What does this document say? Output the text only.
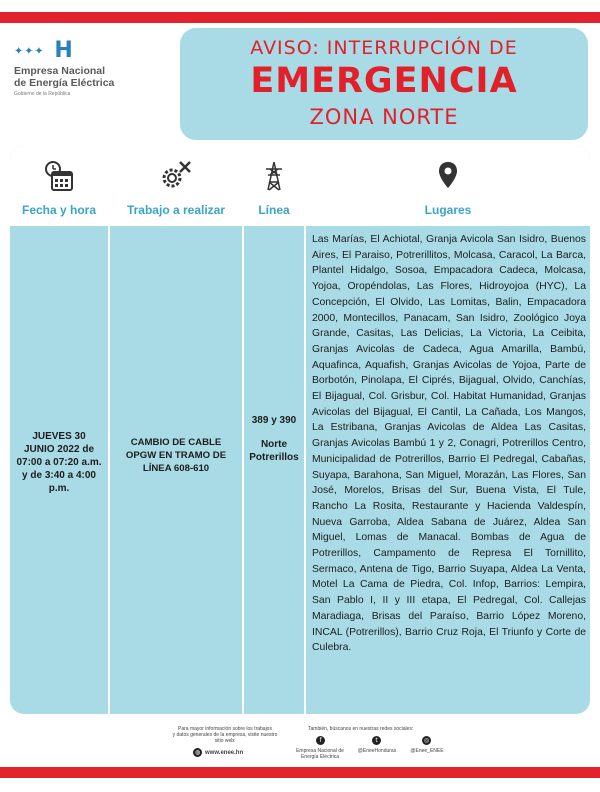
✦✦✦ H
Empresa Nacional
de Energía Eléctrica
Gobierno de la República
AVISO: INTERRUPCIÓN DE
EMERGENCIA
ZONA NORTE
Fecha y hora
JUEVES 30 JUNIO 2022 de 07:00 a 07:20 a.m. y de 3:40 a 4:00 p.m.
Trabajo a realizar
CAMBIO DE CABLE OPGW EN TRAMO DE LÍNEA 608-610
Línea
389 y 390
Norte Potrerillos
Lugares
Las Marías, El Achiotal, Granja Avicola San Isidro, Buenos Aires, El Paraiso, Potrerillitos, Molcasa, Caracol, La Barca, Plantel Hidalgo, Sosoa, Empacadora Cadeca, Molcasa, Yojoa, Oropéndolas, Las Flores, Hidroyojoa (HYC), La Concepción, El Olvido, Las Lomitas, Balin, Empacadora 2000, Montecillos, Panacam, San Isidro, Zoológico Joya Grande, Casitas, Las Delicias, La Victoria, La Ceibita, Granjas Avicolas de Cadeca, Agua Amarilla, Bambú, Aquafinca, Aquafish, Granjas Avicolas de Yojoa, Parte de Borbotón, Pinolapa, El Ciprés, Bijagual, Olvido, Canchías, El Bijagual, Col. Grisbur, Col. Habitat Humanidad, Granjas Avicolas del Bijagual, El Cantil, La Cañada, Los Mangos, La Estribana, Granjas Avicolas de Aldea Las Casitas, Granjas Avicolas Bambú 1 y 2, Conagri, Potrerillos Centro, Municipalidad de Potrerillos, Barrio El Pedregal, Cabañas, Suyapa, Barahona, San Miguel, Morazán, Las Flores, San José, Morelos, Brisas del Sur, Buena Vista, El Tule, Rancho La Rosita, Restaurante y Hacienda Valdespín, Nueva Garroba, Aldea Sabana de Juárez, Aldea San Miguel, Lomas de Manacal. Bombas de Agua de Potrerillos, Campamento de Represa El Tornillito, Sermaco, Antena de Tigo, Barrio Suyapa, Aldea La Venta, Motel La Cama de Piedra, Col. Infop, Barrios: Lempira, San Pablo I, II y III etapa, El Pedregal, Col. Callejas Maradiaga, Brisas del Paraíso, Barrio López Moreno, INCAL (Potrerillos), Barrio Cruz Roja, El Triunfo y Corte de Culebra.
Para mayor información sobre los trabajos
y datos generales de la empresa, visite nuestro
sitio web:
◍ www.enee.hn
También, búscanos en nuestras redes sociales:
f
Empresa Nacional de Energía Eléctrica
t
@EneeHonduras
◎
@Enee_ENEE
